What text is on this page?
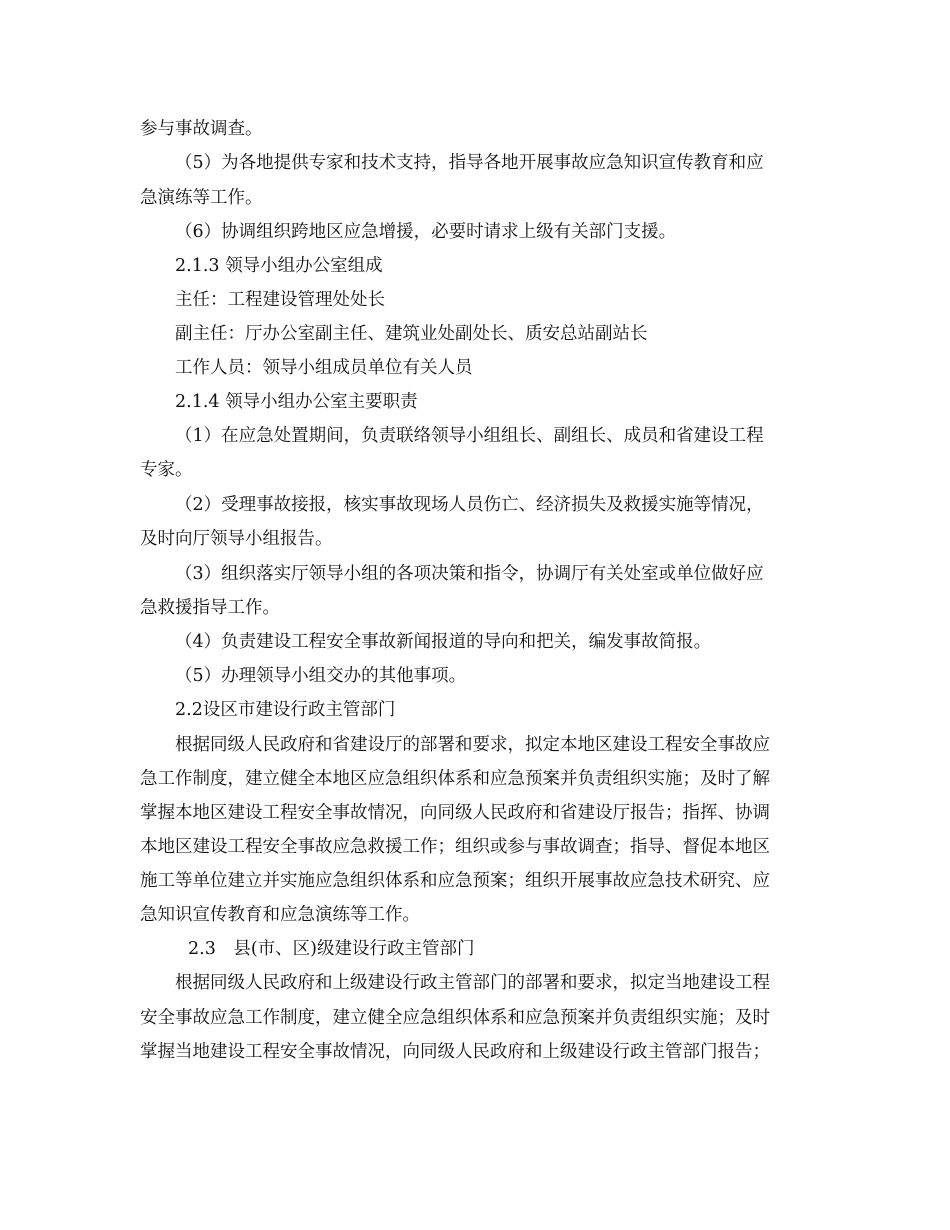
参与事故调查。
（5）为各地提供专家和技术支持，指导各地开展事故应急知识宣传教育和应
急演练等工作。
（6）协调组织跨地区应急增援，必要时请求上级有关部门支援。
2.1.3 领导小组办公室组成
主任：工程建设管理处处长
副主任：厅办公室副主任、建筑业处副处长、质安总站副站长
工作人员：领导小组成员单位有关人员
2.1.4 领导小组办公室主要职责
（1）在应急处置期间，负责联络领导小组组长、副组长、成员和省建设工程
专家。
（2）受理事故接报，核实事故现场人员伤亡、经济损失及救援实施等情况，
及时向厅领导小组报告。
（3）组织落实厅领导小组的各项决策和指令，协调厅有关处室或单位做好应
急救援指导工作。
（4）负责建设工程安全事故新闻报道的导向和把关，编发事故简报。
（5）办理领导小组交办的其他事项。
2.2设区市建设行政主管部门
根据同级人民政府和省建设厅的部署和要求，拟定本地区建设工程安全事故应
急工作制度，建立健全本地区应急组织体系和应急预案并负责组织实施；及时了解
掌握本地区建设工程安全事故情况，向同级人民政府和省建设厅报告；指挥、协调
本地区建设工程安全事故应急救援工作；组织或参与事故调查；指导、督促本地区
施工等单位建立并实施应急组织体系和应急预案；组织开展事故应急技术研究、应
急知识宣传教育和应急演练等工作。
2.3　县(市、区)级建设行政主管部门
根据同级人民政府和上级建设行政主管部门的部署和要求，拟定当地建设工程
安全事故应急工作制度，建立健全应急组织体系和应急预案并负责组织实施；及时
掌握当地建设工程安全事故情况，向同级人民政府和上级建设行政主管部门报告；
